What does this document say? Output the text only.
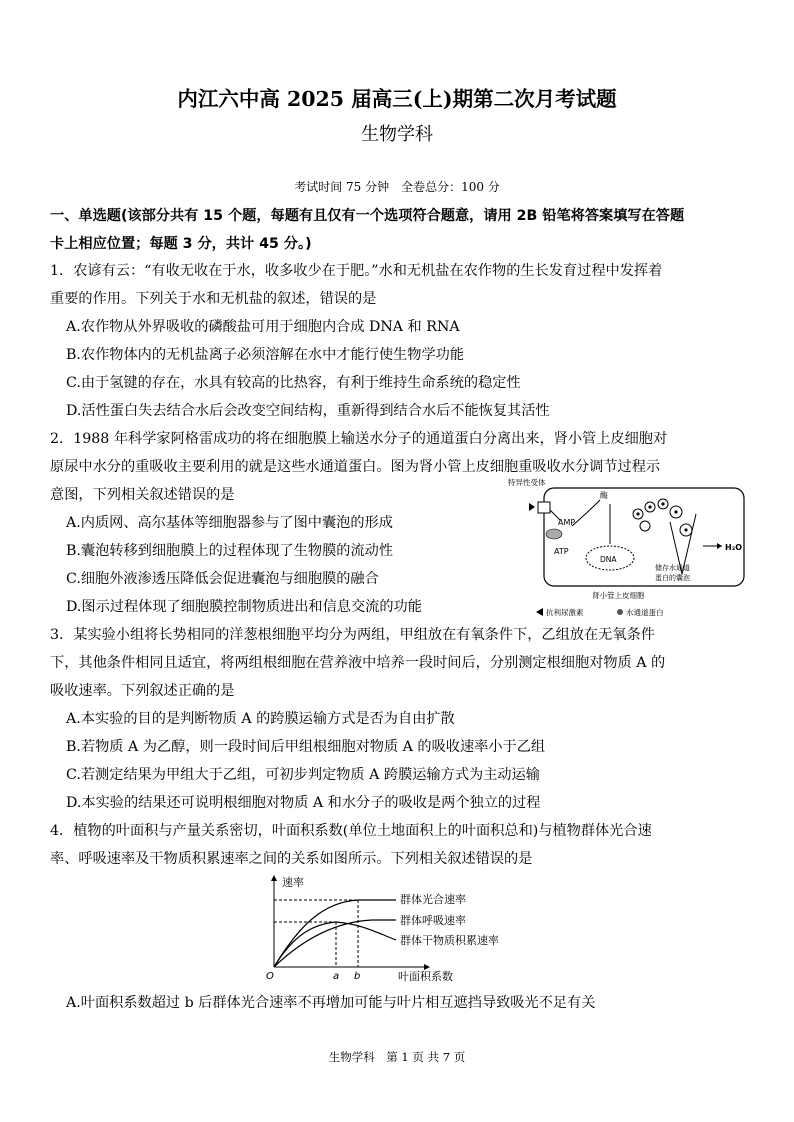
内江六中高 2025 届高三(上)期第二次月考试题
生物学科
考试时间 75 分钟　全卷总分：100 分
一、单选题(该部分共有 15 个题，每题有且仅有一个选项符合题意，请用 2B 铅笔将答案填写在答题
卡上相应位置；每题 3 分，共计 45 分。)
1．农谚有云：“有收无收在于水，收多收少在于肥。”水和无机盐在农作物的生长发育过程中发挥着
重要的作用。下列关于水和无机盐的叙述，错误的是
A.农作物从外界吸收的磷酸盐可用于细胞内合成 DNA 和 RNA
B.农作物体内的无机盐离子必须溶解在水中才能行使生物学功能
C.由于氢键的存在，水具有较高的比热容，有利于维持生命系统的稳定性
D.活性蛋白失去结合水后会改变空间结构，重新得到结合水后不能恢复其活性
2．1988 年科学家阿格雷成功的将在细胞膜上输送水分子的通道蛋白分离出来，肾小管上皮细胞对
原尿中水分的重吸收主要利用的就是这些水通道蛋白。图为肾小管上皮细胞重吸收水分调节过程示
意图，下列相关叙述错误的是
A.内质网、高尔基体等细胞器参与了图中囊泡的形成
B.囊泡转移到细胞膜上的过程体现了生物膜的流动性
C.细胞外液渗透压降低会促进囊泡与细胞膜的融合
D.图示过程体现了细胞膜控制物质进出和信息交流的功能
特异性受体
AMP
ATP
酶
DNA
储存水通道
蛋白的囊泡
H₂O
肾小管上皮细胞
抗利尿激素	水通道蛋白
3．某实验小组将长势相同的洋葱根细胞平均分为两组，甲组放在有氧条件下，乙组放在无氧条件
下，其他条件相同且适宜，将两组根细胞在营养液中培养一段时间后，分别测定根细胞对物质 A 的
吸收速率。下列叙述正确的是
A.本实验的目的是判断物质 A 的跨膜运输方式是否为自由扩散
B.若物质 A 为乙醇，则一段时间后甲组根细胞对物质 A 的吸收速率小于乙组
C.若测定结果为甲组大于乙组，可初步判定物质 A 跨膜运输方式为主动运输
D.本实验的结果还可说明根细胞对物质 A 和水分子的吸收是两个独立的过程
4．植物的叶面积与产量关系密切，叶面积系数(单位土地面积上的叶面积总和)与植物群体光合速
率、呼吸速率及干物质积累速率之间的关系如图所示。下列相关叙述错误的是
速率
O	a b	叶面积系数
群体光合速率
群体呼吸速率
群体干物质积累速率
A.叶面积系数超过 b 后群体光合速率不再增加可能与叶片相互遮挡导致吸光不足有关
生物学科　第 1 页 共 7 页
